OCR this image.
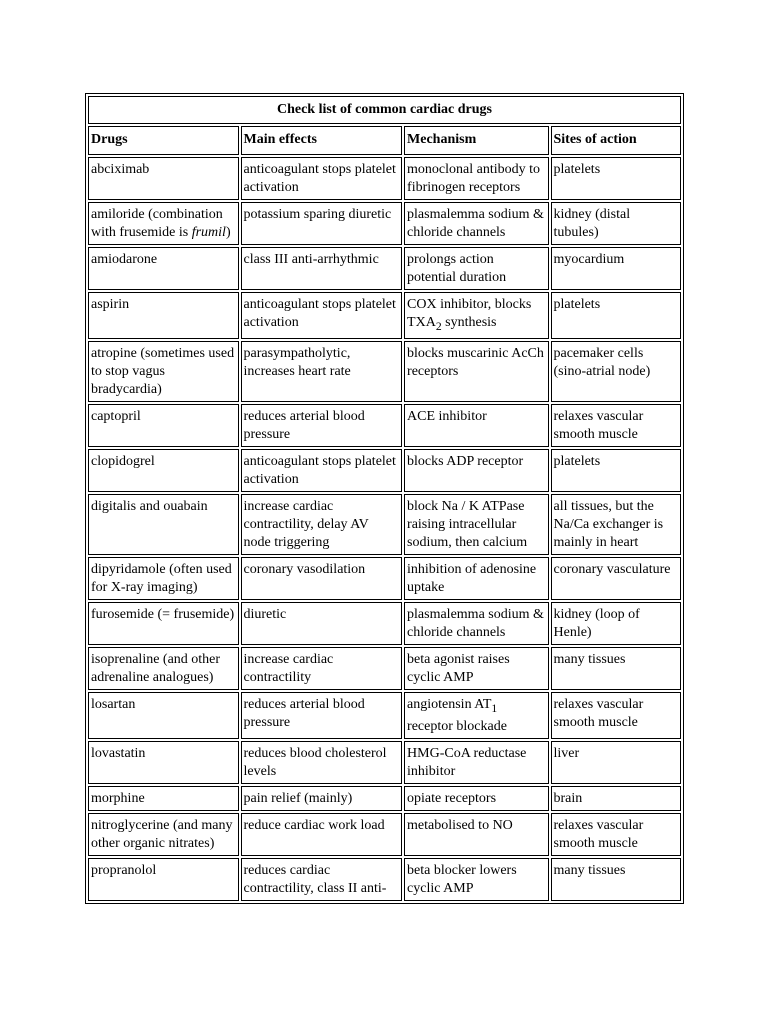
Check list of common cardiac drugs			
Drugs	Main effects	Mechanism	Sites of action
abciximab	anticoagulant stops platelet activation	monoclonal antibody to fibrinogen receptors	platelets
amiloride (combination with frusemide is frumil)	potassium sparing diuretic	plasmalemma sodium & chloride channels	kidney (distal tubules)
amiodarone	class III anti-arrhythmic	prolongs action potential duration	myocardium
aspirin	anticoagulant stops platelet activation	COX inhibitor, blocks $TXA_2$ synthesis	platelets
atropine (sometimes used to stop vagus bradycardia)	parasympatholytic, increases heart rate	blocks muscarinic AcCh receptors	pacemaker cells (sino-atrial node)
captopril	reduces arterial blood pressure	ACE inhibitor	relaxes vascular smooth muscle
clopidogrel	anticoagulant stops platelet activation	blocks ADP receptor	platelets
digitalis and ouabain	increase cardiac contractility, delay AV node triggering	block Na / K ATPase raising intracellular sodium, then calcium	all tissues, but the Na/Ca exchanger is mainly in heart
dipyridamole (often used for X-ray imaging)	coronary vasodilation	inhibition of adenosine uptake	coronary vasculature
furosemide (= frusemide)	diuretic	plasmalemma sodium & chloride channels	kidney (loop of Henle)
isoprenaline (and other adrenaline analogues)	increase cardiac contractility	beta agonist raises cyclic AMP	many tissues
losartan	reduces arterial blood pressure	angiotensin $AT_1$ receptor blockade	relaxes vascular smooth muscle
lovastatin	reduces blood cholesterol levels	HMG-CoA reductase inhibitor	liver
morphine	pain relief (mainly)	opiate receptors	brain
nitroglycerine (and many other organic nitrates)	reduce cardiac work load	metabolised to NO	relaxes vascular smooth muscle
propranolol	reduces cardiac contractility, class II anti-	beta blocker lowers cyclic AMP	many tissues
